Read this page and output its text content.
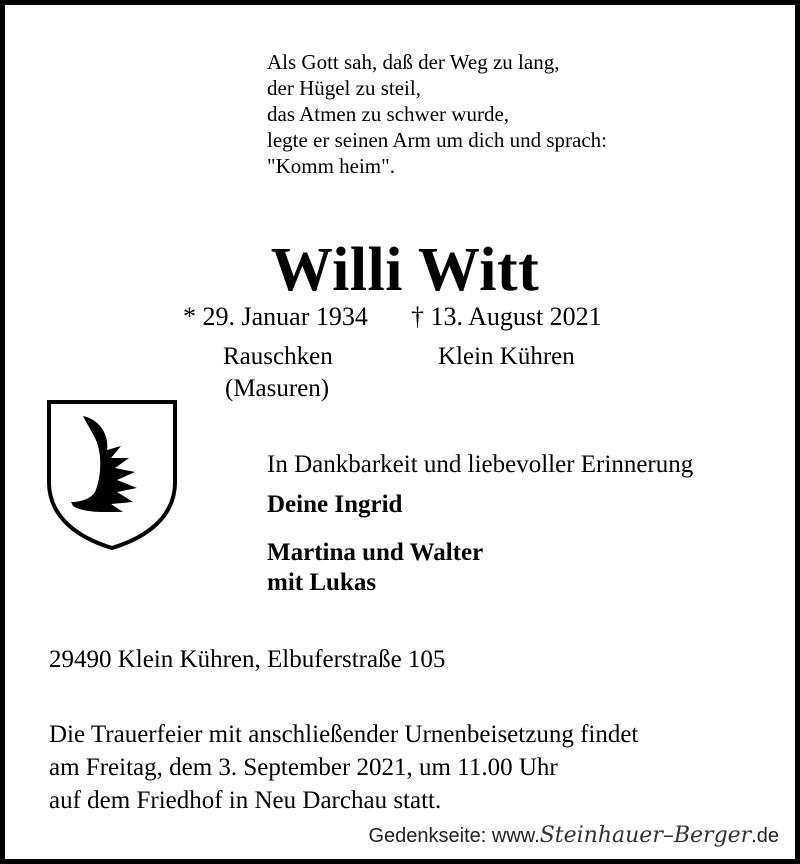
Als Gott sah, daß der Weg zu lang,
der Hügel zu steil,
das Atmen zu schwer wurde,
legte er seinen Arm um dich und sprach:
"Komm heim".
Willi Witt
* 29. Januar 1934 † 13. August 2021
Rauschken
(Masuren)
Klein Kühren
In Dankbarkeit und liebevoller Erinnerung
Deine Ingrid
Martina und Walter
mit Lukas
29490 Klein Kühren, Elbuferstraße 105
Die Trauerfeier mit anschließender Urnenbeisetzung findet
am Freitag, dem 3. September 2021, um 11.00 Uhr
auf dem Friedhof in Neu Darchau statt.
Gedenkseite: www.Steinhauer–Berger.de
